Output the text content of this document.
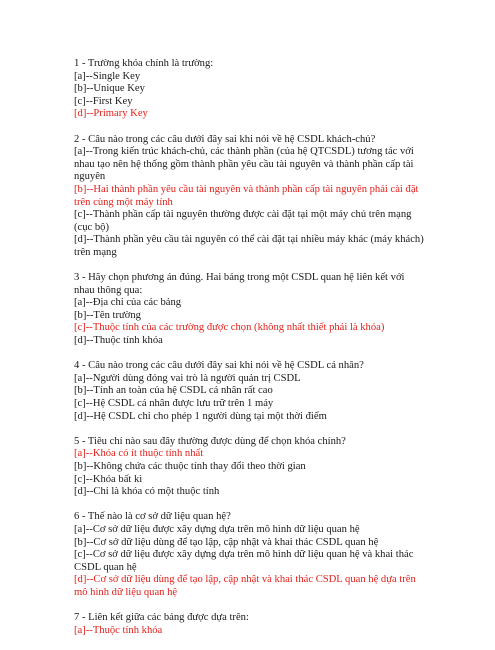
1 - Trường khóa chính là trường:
[a]--Single Key
[b]--Unique Key
[c]--First Key
[d]--Primary Key
2 - Câu nào trong các câu dưới đây sai khi nói về hệ CSDL khách-chủ?
[a]--Trong kiến trúc khách-chủ, các thành phần (của hệ QTCSDL) tương tác với nhau tạo nên hệ thống gồm thành phần yêu cầu tài nguyên và thành phần cấp tài nguyên
[b]--Hai thành phần yêu cầu tài nguyên và thành phần cấp tài nguyên phải cài đặt trên cùng một máy tính
[c]--Thành phần cấp tài nguyên thường được cài đặt tại một máy chủ trên mạng (cục bộ)
[d]--Thành phần yêu cầu tài nguyên có thể cài đặt tại nhiều máy khác (máy khách) trên mạng
3 - Hãy chọn phương án đúng. Hai bảng trong một CSDL quan hệ liên kết với nhau thông qua:
[a]--Địa chỉ của các bảng
[b]--Tên trường
[c]--Thuộc tính của các trường được chọn (không nhất thiết phải là khóa)
[d]--Thuộc tính khóa
4 - Câu nào trong các câu dưới đây sai khi nói về hệ CSDL cá nhân?
[a]--Người dùng đóng vai trò là người quản trị CSDL
[b]--Tính an toàn của hệ CSDL cá nhân rất cao
[c]--Hệ CSDL cá nhân được lưu trữ trên 1 máy
[d]--Hệ CSDL chỉ cho phép 1 người dùng tại một thời điểm
5 - Tiêu chí nào sau đây thường được dùng để chọn khóa chính?
[a]--Khóa có ít thuộc tính nhất
[b]--Không chứa các thuộc tính thay đổi theo thời gian
[c]--Khóa bất kì
[d]--Chỉ là khóa có một thuộc tính
6 - Thế nào là cơ sở dữ liệu quan hệ?
[a]--Cơ sở dữ liệu được xây dựng dựa trên mô hình dữ liệu quan hệ
[b]--Cơ sở dữ liệu dùng để tạo lập, cập nhật và khai thác CSDL quan hệ
[c]--Cơ sở dữ liệu được xây dựng dựa trên mô hình dữ liệu quan hệ và khai thác CSDL quan hệ
[d]--Cơ sở dữ liệu dùng để tạo lập, cập nhật và khai thác CSDL quan hệ dựa trên mô hình dữ liệu quan hệ
7 - Liên kết giữa các bảng được dựa trên:
[a]--Thuộc tính khóa
